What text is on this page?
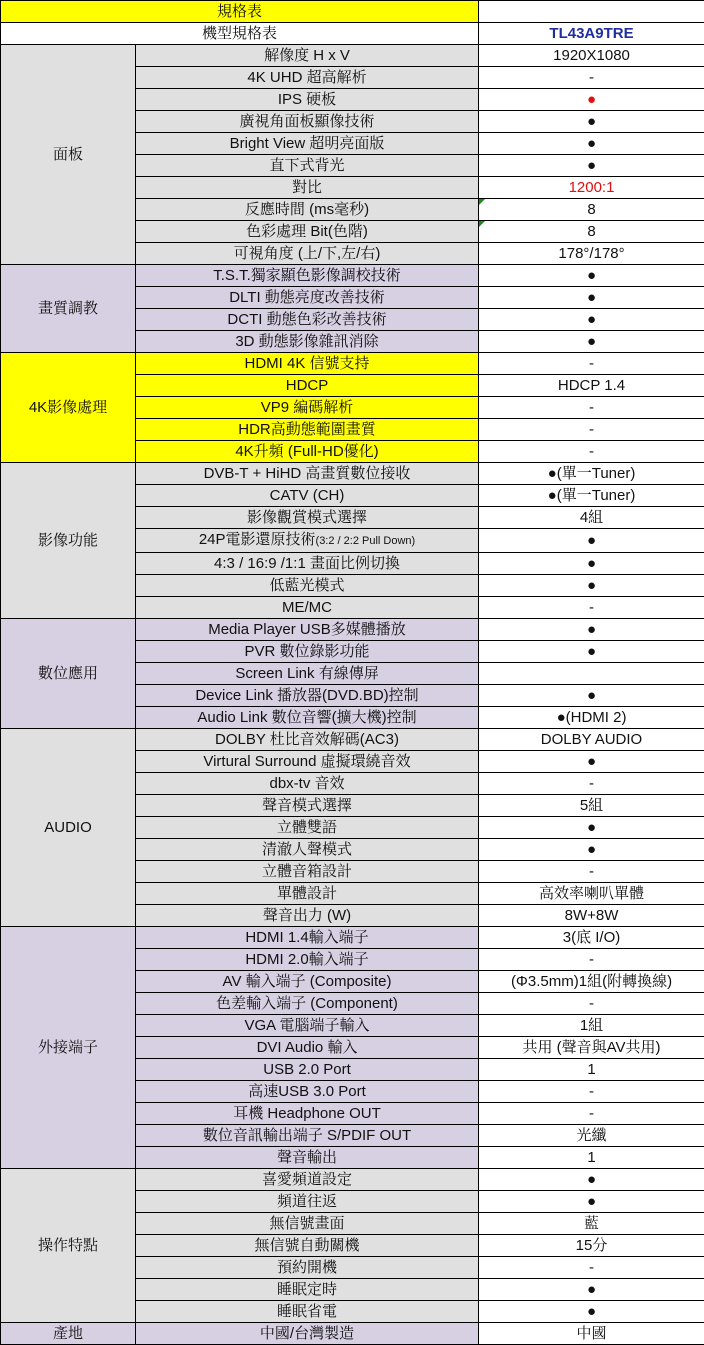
規格表		
機型規格表		TL43A9TRE
面板	解像度 H x V	1920X1080
	4K UHD 超高解析	-
	IPS 硬板	●
	廣視角面板顯像技術	●
	Bright View 超明亮面版	●
	直下式背光	●
	對比	1200:1
	反應時間 (ms毫秒)	8
	色彩處理 Bit(色階)	8
	可視角度 (上/下,左/右)	178°/178°
畫質調教	T.S.T.獨家顯色影像調校技術	●
	DLTI 動態亮度改善技術	●
	DCTI 動態色彩改善技術	●
	3D 動態影像雜訊消除	●
4K影像處理	HDMI 4K 信號支持	-
	HDCP	HDCP 1.4
	VP9 編碼解析	-
	HDR高動態範圍畫質	-
	4K升頻 (Full-HD優化)	-
影像功能	DVB-T + HiHD 高畫質數位接收	●(單一Tuner)
	CATV (CH)	●(單一Tuner)
	影像觀賞模式選擇	4組
	24P電影還原技術(3:2 / 2:2 Pull Down)	●
	4:3 / 16:9 /1:1 畫面比例切換	●
	低藍光模式	●
	ME/MC	-
數位應用	Media Player USB多媒體播放	●
	PVR 數位錄影功能	●
	Screen Link 有線傳屏	
	Device Link 播放器(DVD.BD)控制	●
	Audio Link 數位音響(擴大機)控制	●(HDMI 2)
AUDIO	DOLBY 杜比音效解碼(AC3)	DOLBY AUDIO
	Virtural Surround 虛擬環繞音效	●
	dbx-tv 音效	-
	聲音模式選擇	5組
	立體雙語	●
	清澈人聲模式	●
	立體音箱設計	-
	單體設計	高效率喇叭單體
	聲音出力 (W)	8W+8W
外接端子	HDMI 1.4輸入端子	3(底 I/O)
	HDMI 2.0輸入端子	-
	AV 輸入端子 (Composite)	(Φ3.5mm)1組(附轉換線)
	色差輸入端子 (Component)	-
	VGA 電腦端子輸入	1組
	DVI Audio 輸入	共用 (聲音與AV共用)
	USB 2.0 Port	1
	高速USB 3.0 Port	-
	耳機 Headphone OUT	-
	數位音訊輸出端子 S/PDIF OUT	光纖
	聲音輸出	1
操作特點	喜愛頻道設定	●
	頻道往返	●
	無信號畫面	藍
	無信號自動關機	15分
	預約開機	-
	睡眠定時	●
	睡眠省電	●
產地	中國/台灣製造	中國
